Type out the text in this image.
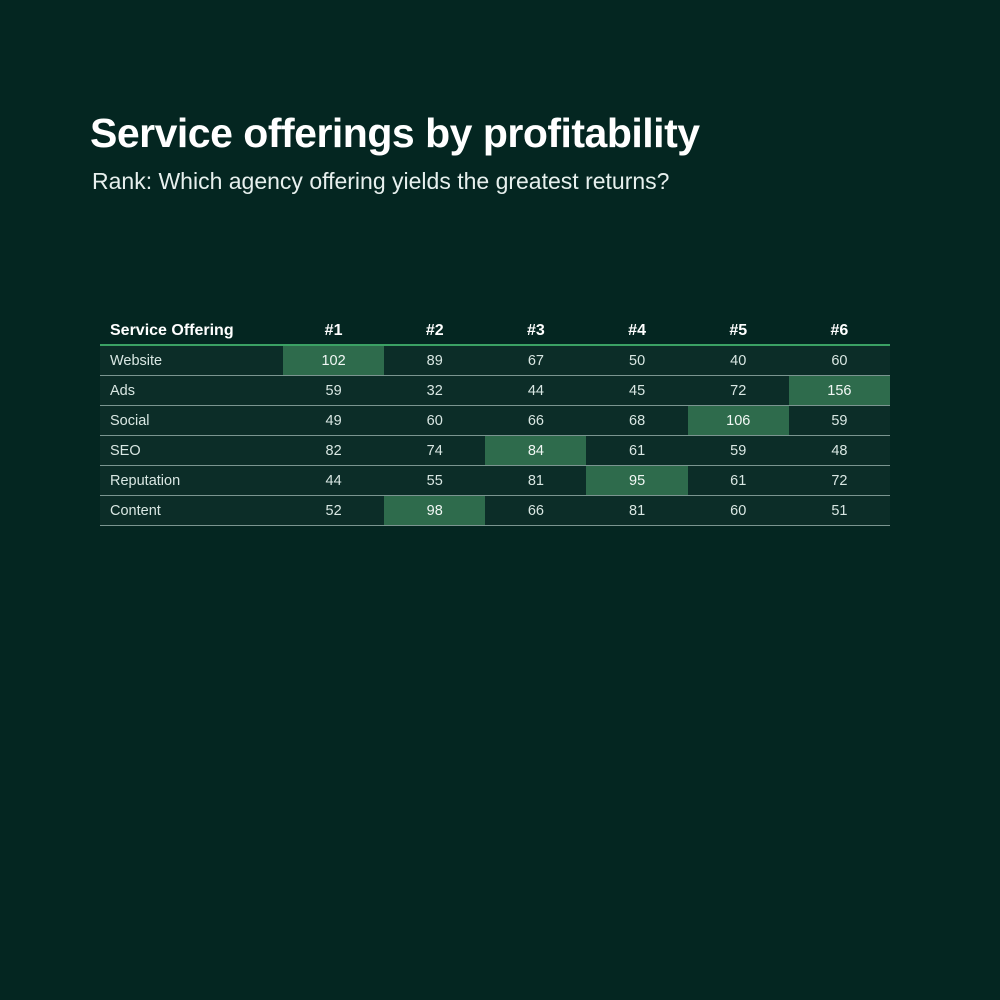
Service offerings by profitability

Rank: Which agency offering yields the greatest returns?

Service Offering	#1	#2	#3	#4	#5	#6
Website	102	89	67	50	40	60
Ads	59	32	44	45	72	156
Social	49	60	66	68	106	59
SEO	82	74	84	61	59	48
Reputation	44	55	81	95	61	72
Content	52	98	66	81	60	51
